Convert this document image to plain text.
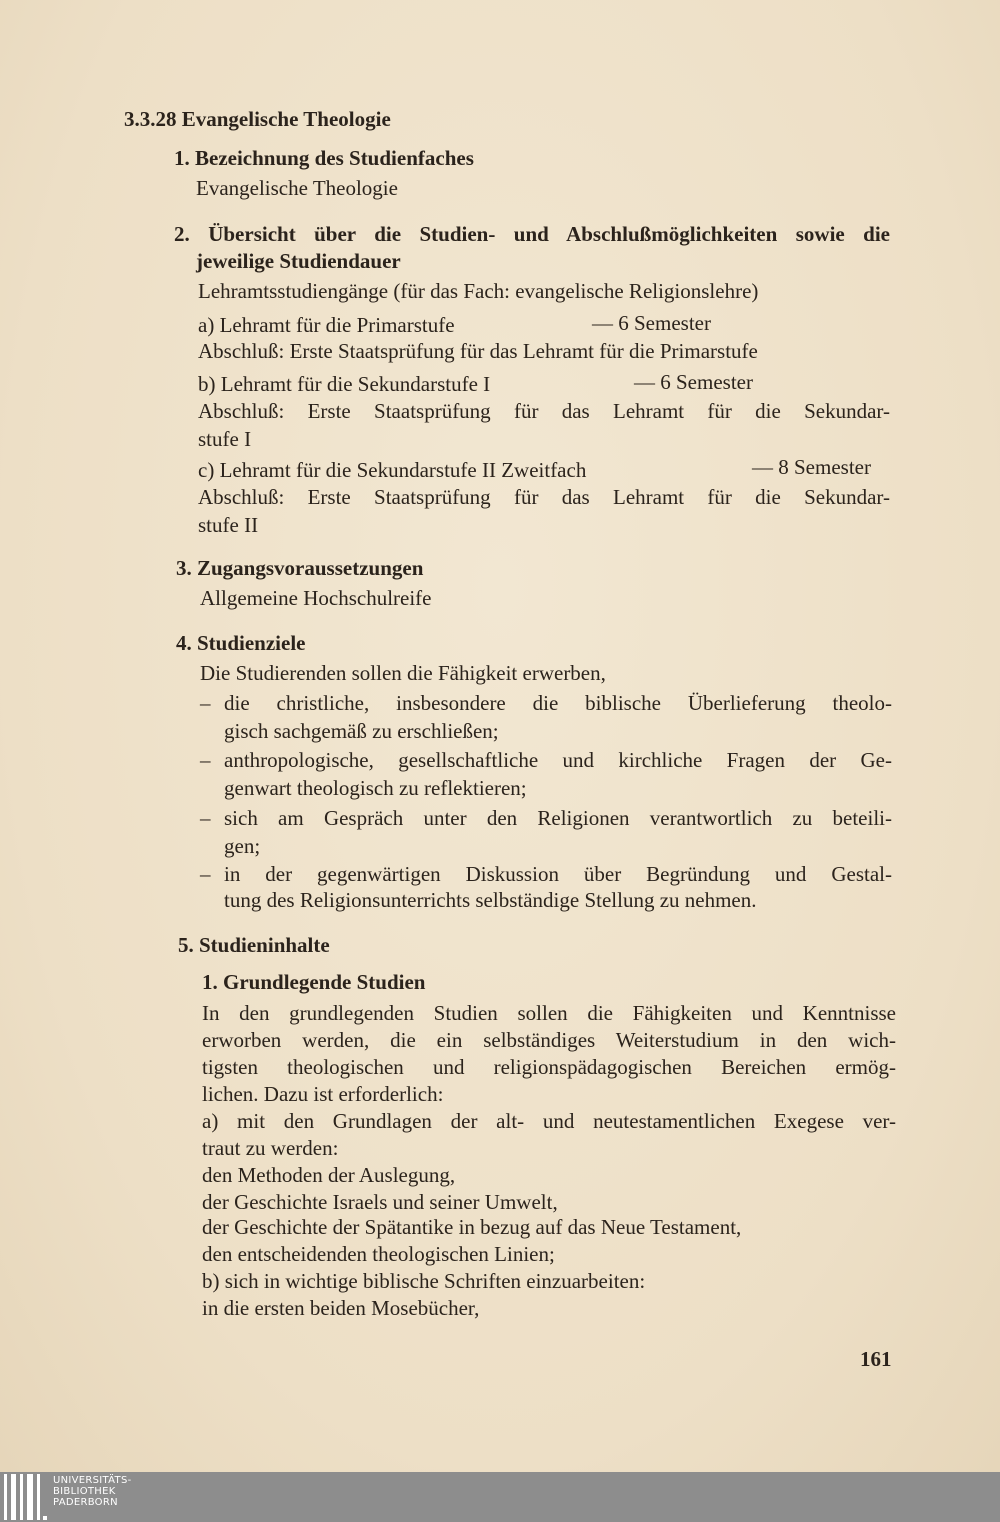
3.3.28 Evangelische Theologie
1. Bezeichnung des Studienfaches
Evangelische Theologie
2. Übersicht über die Studien- und Abschlußmöglichkeiten sowie die
jeweilige Studiendauer
Lehramtsstudiengänge (für das Fach: evangelische Religionslehre)
a) Lehramt für die Primarstufe	— 6 Semester
Abschluß: Erste Staatsprüfung für das Lehramt für die Primarstufe
b) Lehramt für die Sekundarstufe I	— 6 Semester
Abschluß: Erste Staatsprüfung für das Lehramt für die Sekundar-
stufe I
c) Lehramt für die Sekundarstufe II Zweitfach	— 8 Semester
Abschluß: Erste Staatsprüfung für das Lehramt für die Sekundar-
stufe II
3. Zugangsvoraussetzungen
Allgemeine Hochschulreife
4. Studienziele
Die Studierenden sollen die Fähigkeit erwerben,
– die christliche, insbesondere die biblische Überlieferung theolo-
gisch sachgemäß zu erschließen;
– anthropologische, gesellschaftliche und kirchliche Fragen der Ge-
genwart theologisch zu reflektieren;
– sich am Gespräch unter den Religionen verantwortlich zu beteili-
gen;
– in der gegenwärtigen Diskussion über Begründung und Gestal-
tung des Religionsunterrichts selbständige Stellung zu nehmen.
5. Studieninhalte
1. Grundlegende Studien
In den grundlegenden Studien sollen die Fähigkeiten und Kenntnisse
erworben werden, die ein selbständiges Weiterstudium in den wich-
tigsten theologischen und religionspädagogischen Bereichen ermög-
lichen. Dazu ist erforderlich:
a) mit den Grundlagen der alt- und neutestamentlichen Exegese ver-
traut zu werden:
den Methoden der Auslegung,
der Geschichte Israels und seiner Umwelt,
der Geschichte der Spätantike in bezug auf das Neue Testament,
den entscheidenden theologischen Linien;
b) sich in wichtige biblische Schriften einzuarbeiten:
in die ersten beiden Mosebücher,
161
UNIVERSITÄTS-
BIBLIOTHEK
PADERBORN
